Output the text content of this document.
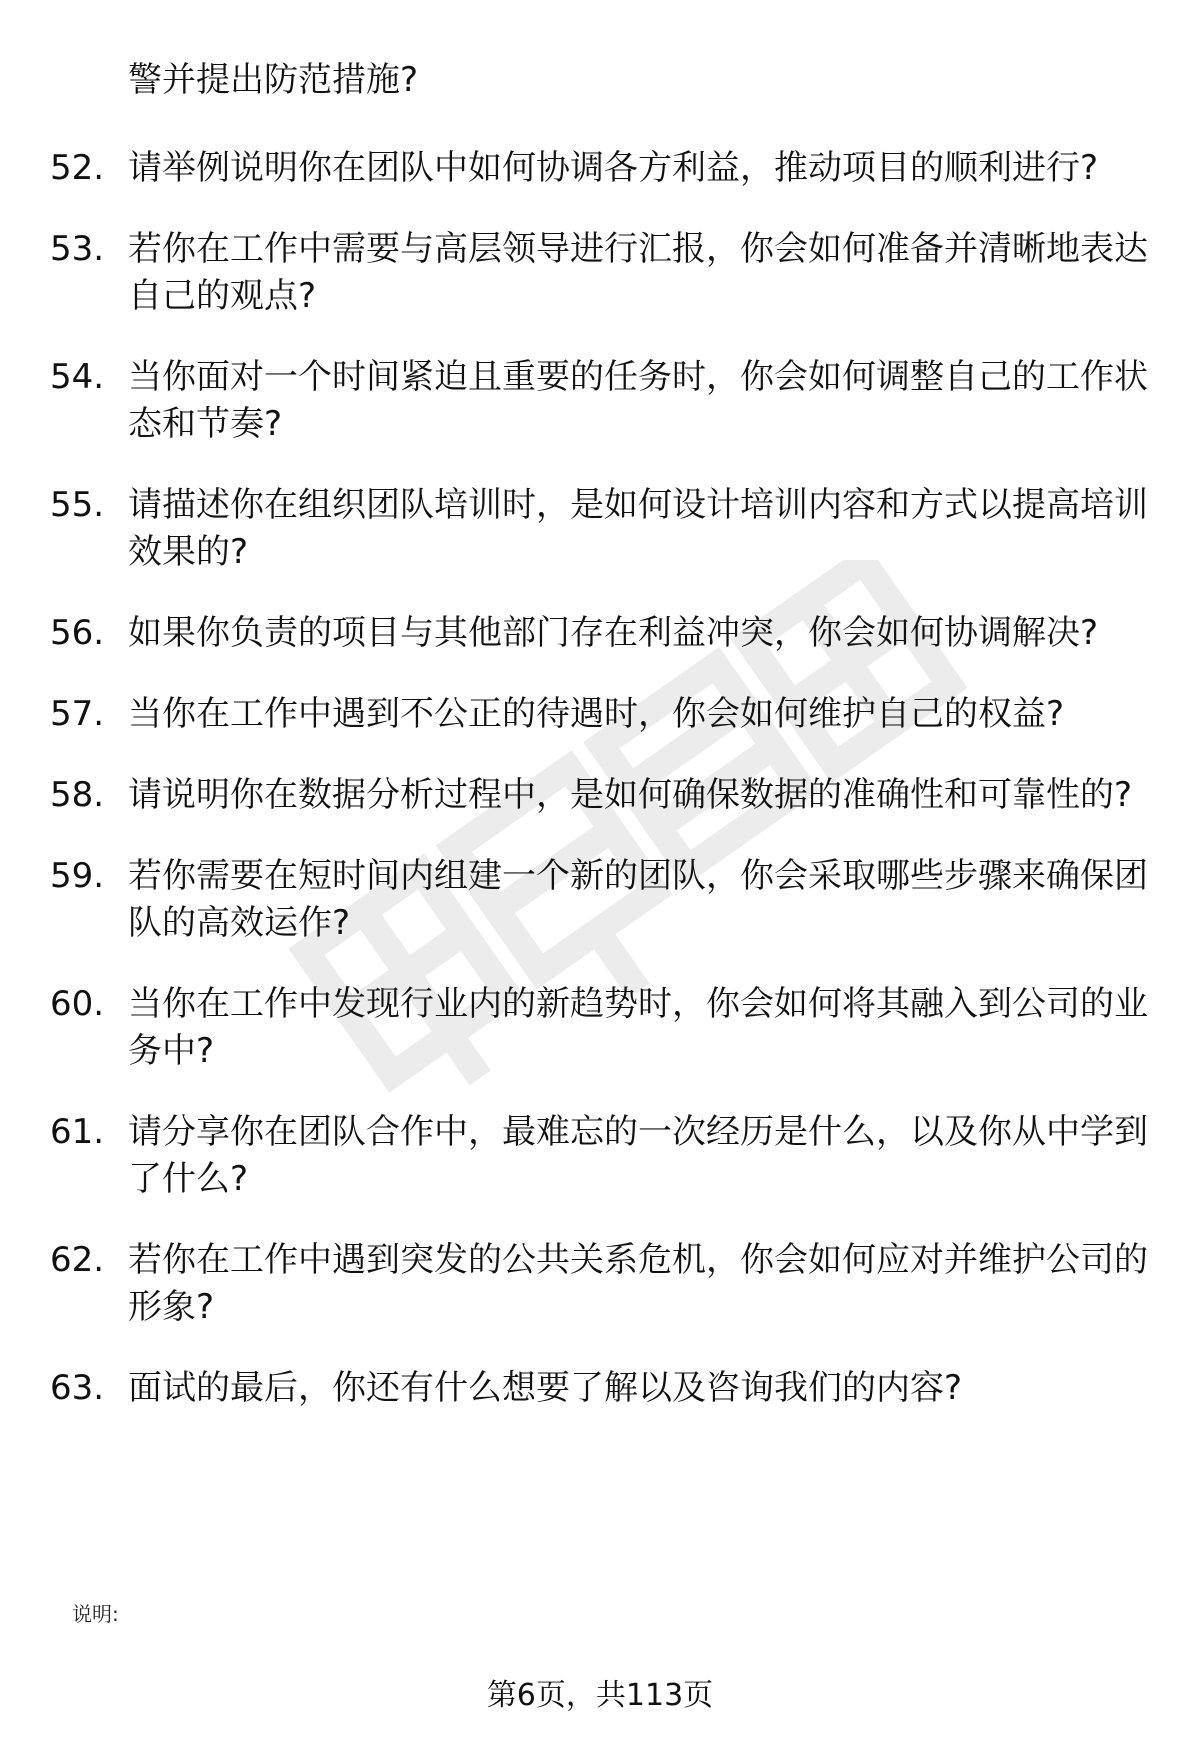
警并提出防范措施?
52. 请举例说明你在团队中如何协调各方利益，推动项目的顺利进行?
53. 若你在工作中需要与高层领导进行汇报，你会如何准备并清晰地表达自己的观点?
54. 当你面对一个时间紧迫且重要的任务时，你会如何调整自己的工作状态和节奏?
55. 请描述你在组织团队培训时，是如何设计培训内容和方式以提高培训效果的?
56. 如果你负责的项目与其他部门存在利益冲突，你会如何协调解决?
57. 当你在工作中遇到不公正的待遇时，你会如何维护自己的权益?
58. 请说明你在数据分析过程中，是如何确保数据的准确性和可靠性的?
59. 若你需要在短时间内组建一个新的团队，你会采取哪些步骤来确保团队的高效运作?
60. 当你在工作中发现行业内的新趋势时，你会如何将其融入到公司的业务中?
61. 请分享你在团队合作中，最难忘的一次经历是什么，以及你从中学到了什么?
62. 若你在工作中遇到突发的公共关系危机，你会如何应对并维护公司的形象?
63. 面试的最后，你还有什么想要了解以及咨询我们的内容?
说明:
第6页，共113页
